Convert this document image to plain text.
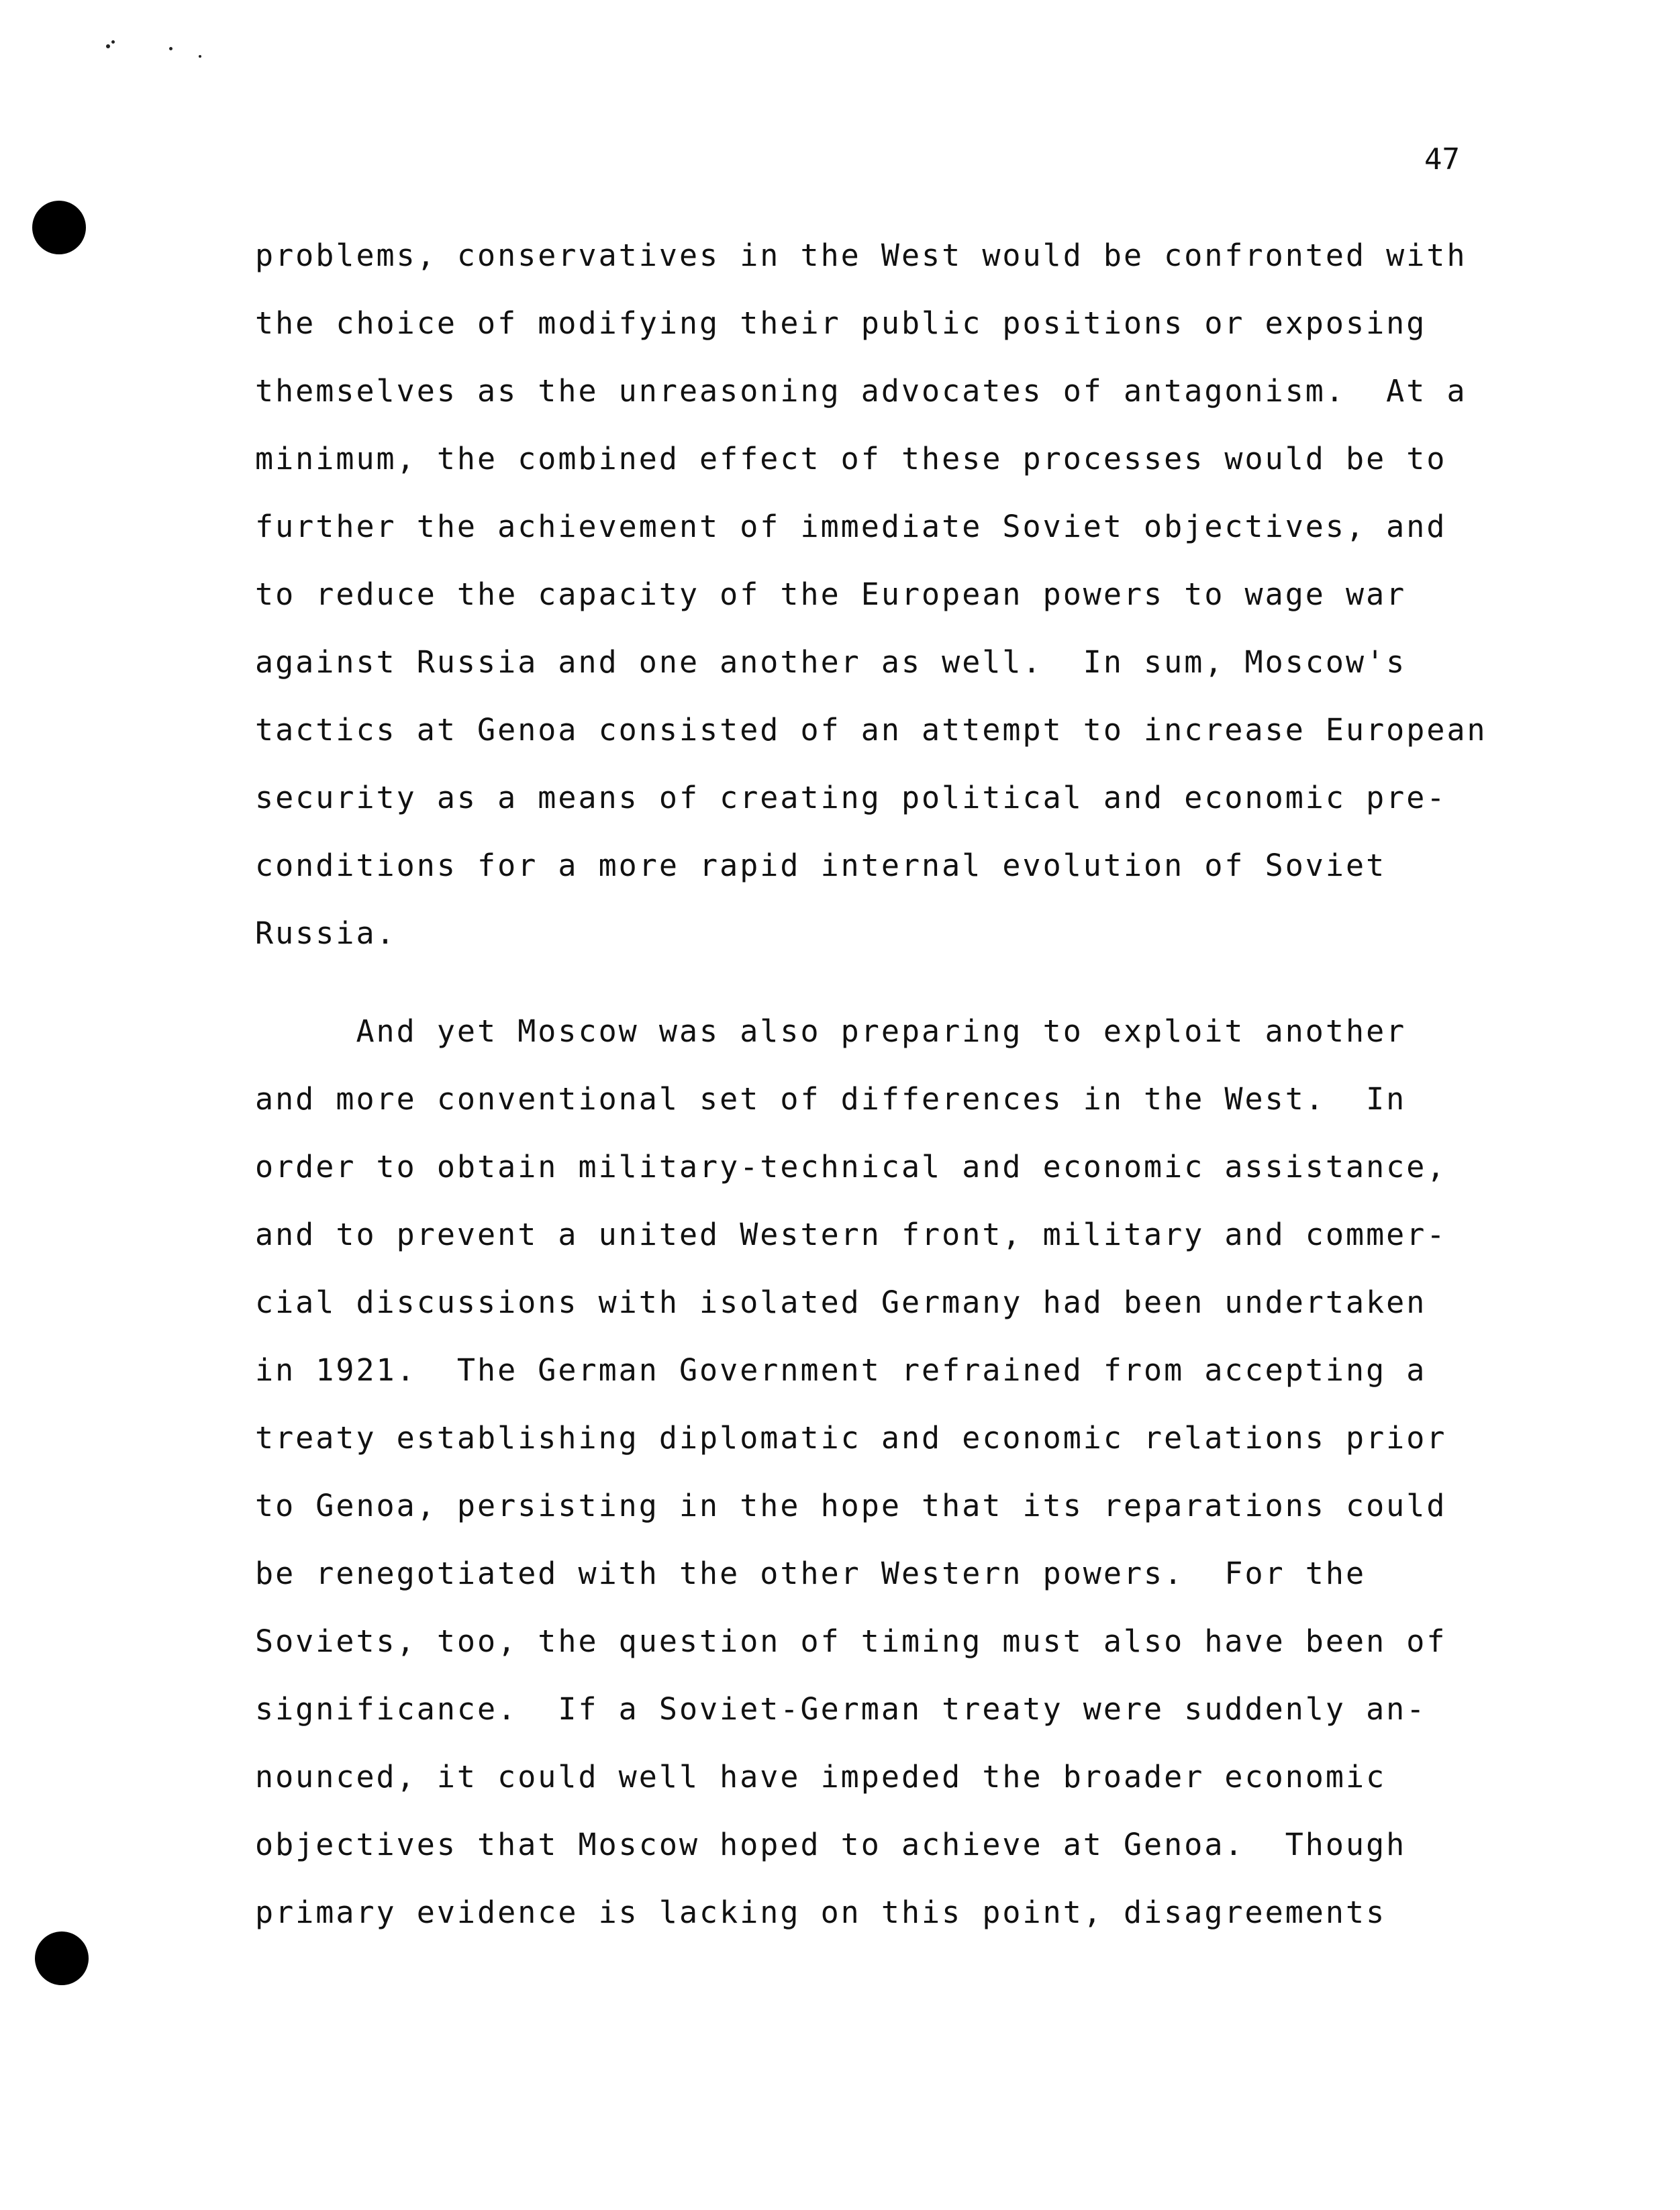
47

problems, conservatives in the West would be confronted with

the choice of modifying their public positions or exposing

themselves as the unreasoning advocates of antagonism.  At a

minimum, the combined effect of these processes would be to

further the achievement of immediate Soviet objectives, and

to reduce the capacity of the European powers to wage war

against Russia and one another as well.  In sum, Moscow's

tactics at Genoa consisted of an attempt to increase European

security as a means of creating political and economic pre-

conditions for a more rapid internal evolution of Soviet

Russia.

And yet Moscow was also preparing to exploit another

and more conventional set of differences in the West.  In

order to obtain military-technical and economic assistance,

and to prevent a united Western front, military and commer-

cial discussions with isolated Germany had been undertaken

in 1921.  The German Government refrained from accepting a

treaty establishing diplomatic and economic relations prior

to Genoa, persisting in the hope that its reparations could

be renegotiated with the other Western powers.  For the

Soviets, too, the question of timing must also have been of

significance.  If a Soviet-German treaty were suddenly an-

nounced, it could well have impeded the broader economic

objectives that Moscow hoped to achieve at Genoa.  Though

primary evidence is lacking on this point, disagreements
